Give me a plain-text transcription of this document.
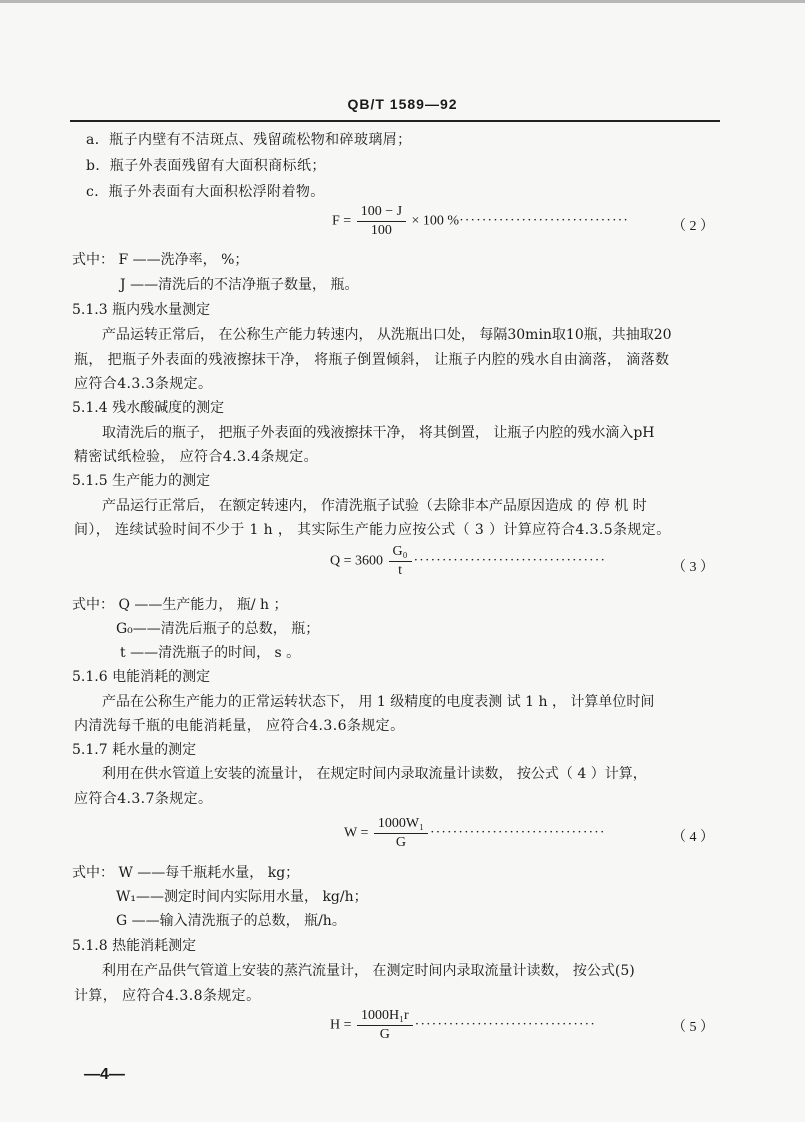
QB/T 1589—92
a．瓶子内壁有不洁斑点、残留疏松物和碎玻璃屑；
b．瓶子外表面残留有大面积商标纸；
c．瓶子外表面有大面积松浮附着物。
$F = \frac{100 - J}{100} \times 100$ %······························	（ 2 ）
式中： F ——洗净率， %；
J ——清洗后的不洁净瓶子数量， 瓶。
5.1.3 瓶内残水量测定
产品运转正常后， 在公称生产能力转速内， 从洗瓶出口处， 每隔30min取10瓶，共抽取20
瓶， 把瓶子外表面的残液擦抹干净， 将瓶子倒置倾斜， 让瓶子内腔的残水自由滴落， 滴落数
应符合4.3.3条规定。
5.1.4 残水酸碱度的测定
取清洗后的瓶子， 把瓶子外表面的残液擦抹干净， 将其倒置， 让瓶子内腔的残水滴入pH
精密试纸检验， 应符合4.3.4条规定。
5.1.5 生产能力的测定
产品运行正常后， 在额定转速内， 作清洗瓶子试验（去除非本产品原因造成 的 停 机 时
间）， 连续试验时间不少于 1 h ， 其实际生产能力应按公式（ 3 ）计算应符合4.3.5条规定。
$Q = 3600 \frac{\text{G₀}}{t}$ ··································	（ 3 ）
式中： Q ——生产能力， 瓶/ h ；
G₀——清洗后瓶子的总数， 瓶；
t ——清洗瓶子的时间， s 。
5.1.6 电能消耗的测定
产品在公称生产能力的正常运转状态下， 用 1 级精度的电度表测 试 1 h ， 计算单位时间
内清洗每千瓶的电能消耗量， 应符合4.3.6条规定。
5.1.7 耗水量的测定
利用在供水管道上安装的流量计， 在规定时间内录取流量计读数， 按公式（ 4 ）计算，
应符合4.3.7条规定。
$W = \frac{\text{1000W₁}}{G}$ ·······························	（ 4 ）
式中： W ——每千瓶耗水量， kg；
W₁——测定时间内实际用水量， kg/h；
G ——输入清洗瓶子的总数， 瓶/h。
5.1.8 热能消耗测定
利用在产品供气管道上安装的蒸汽流量计， 在测定时间内录取流量计读数， 按公式(5)
计算， 应符合4.3.8条规定。
$H = \frac{\text{1000H₁r}}{G}$ ································	（ 5 ）
—4—
